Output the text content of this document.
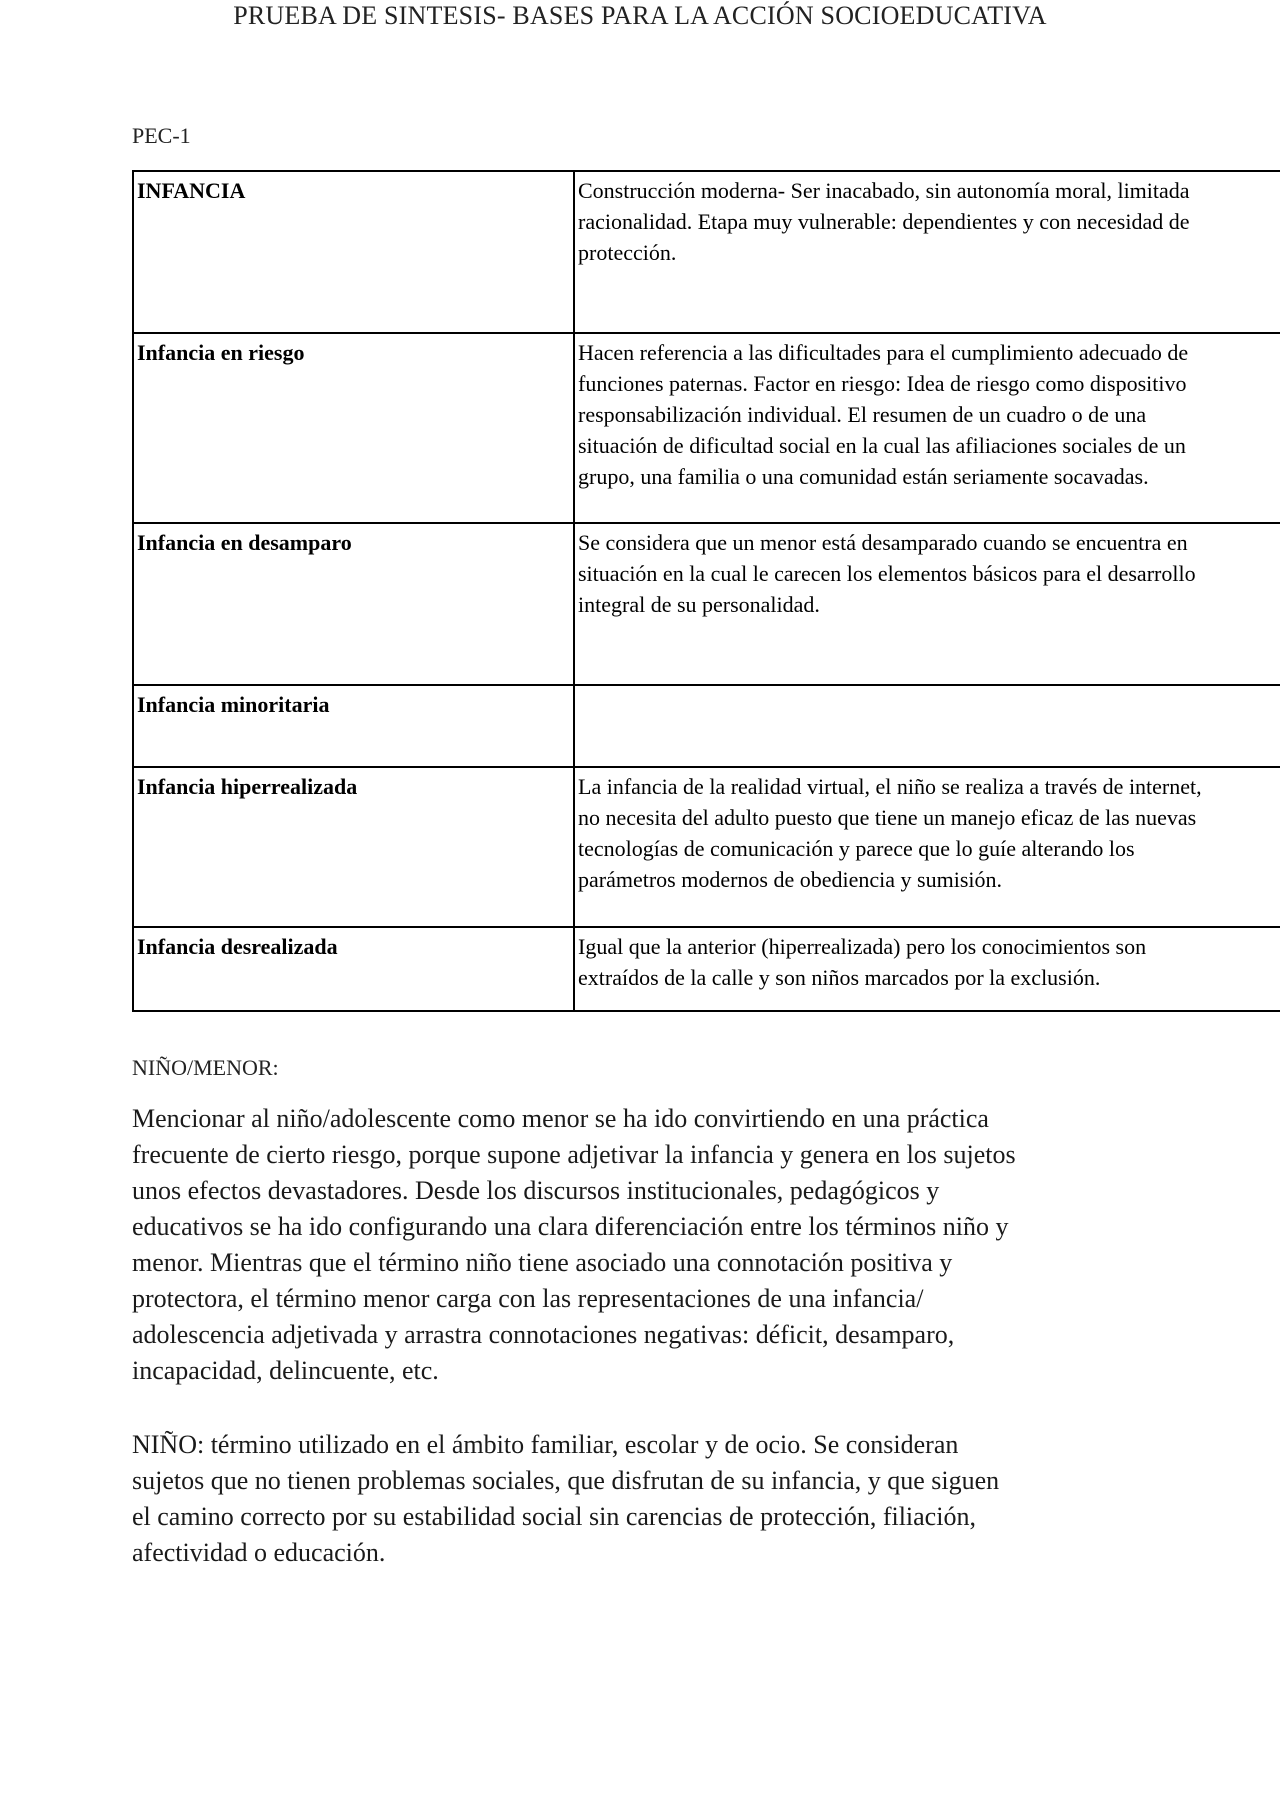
PRUEBA DE SINTESIS- BASES PARA LA ACCIÓN SOCIOEDUCATIVA
PEC-1
INFANCIA	Construcción moderna- Ser inacabado, sin autonomía moral, limitada
racionalidad. Etapa muy vulnerable: dependientes y con necesidad de
protección.

Infancia en riesgo	Hacen referencia a las dificultades para el cumplimiento adecuado de
funciones paternas. Factor en riesgo: Idea de riesgo como dispositivo
responsabilización individual. El resumen de un cuadro o de una
situación de dificultad social en la cual las afiliaciones sociales de un
grupo, una familia o una comunidad están seriamente socavadas.

Infancia en desamparo	Se considera que un menor está desamparado cuando se encuentra en
situación en la cual le carecen los elementos básicos para el desarrollo
integral de su personalidad.

Infancia minoritaria	
Infancia hiperrealizada	La infancia de la realidad virtual, el niño se realiza a través de internet,
no necesita del adulto puesto que tiene un manejo eficaz de las nuevas
tecnologías de comunicación y parece que lo guíe alterando los
parámetros modernos de obediencia y sumisión.

Infancia desrealizada	Igual que la anterior (hiperrealizada) pero los conocimientos son
extraídos de la calle y son niños marcados por la exclusión.
NIÑO/MENOR:
Mencionar al niño/adolescente como menor se ha ido convirtiendo en una práctica
frecuente de cierto riesgo, porque supone adjetivar la infancia y genera en los sujetos
unos efectos devastadores. Desde los discursos institucionales, pedagógicos y
educativos se ha ido configurando una clara diferenciación entre los términos niño y
menor. Mientras que el término niño tiene asociado una connotación positiva y
protectora, el término menor carga con las representaciones de una infancia/
adolescencia adjetivada y arrastra connotaciones negativas: déficit, desamparo,
incapacidad, delincuente, etc.
NIÑO: término utilizado en el ámbito familiar, escolar y de ocio. Se consideran
sujetos que no tienen problemas sociales, que disfrutan de su infancia, y que siguen
el camino correcto por su estabilidad social sin carencias de protección, filiación,
afectividad o educación.
